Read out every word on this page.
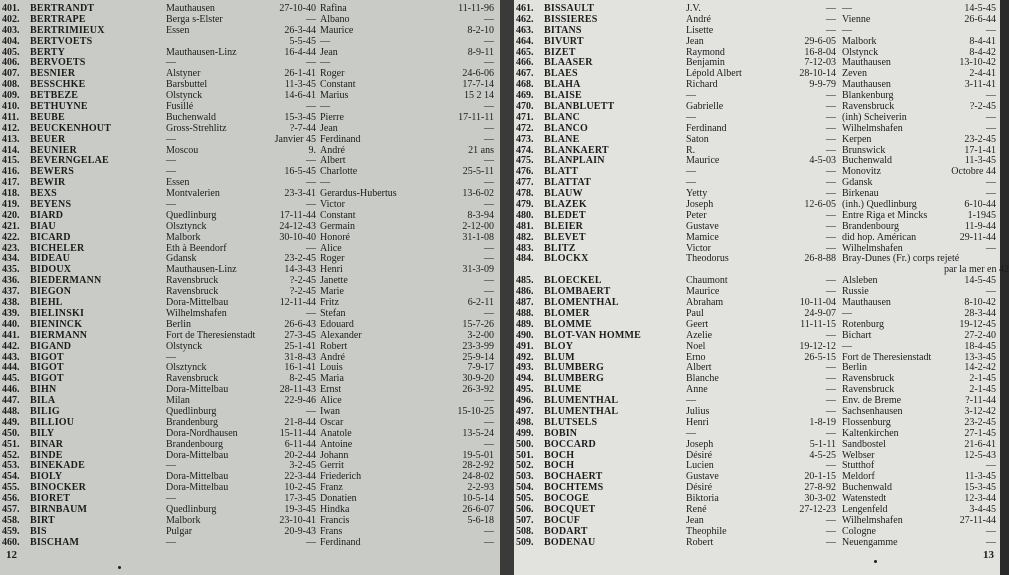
401.	BERTRANDT	Mauthausen	27-10-40 Rafina	11-11-96
402.	BERTRAPE	Berga s-Elster	— Albano	—
403.	BERTRIMIEUX	Essen	26-3-44 Maurice	8-2-10
404.	BERTVOETS	5-5-45 —	—
405.	BERTY	Mauthausen-Linz	16-4-44 Jean	8-9-11
406.	BERVOETS	—	— —	—
407.	BESNIER	Alstyner	26-1-41 Roger	24-6-06
408.	BESSCHKE	Barsbuttel	11-3-45 Constant	17-7-14
409.	BETBEZE	Olstynck	14-6-41 Marius	15 2 14
410.	BETHUYNE	Fusillé	— —	—
411.	BEUBE	Buchenwald	15-3-45 Pierre	17-11-11
412.	BEUCKENHOUT	Gross-Strehlitz	?-7-44 Jean	—
413.	BEUER	—	Janvier 45 Ferdinand	—
414.	BEUNIER	Moscou	9. André	21 ans
415.	BEVERNGELAE	—	— Albert	—
416.	BEWERS	—	16-5-45 Charlotte	25-5-11
417.	BEWIR	Essen	— —	—
418.	BEXS	Montvalerien	23-3-41 Gerardus-Hubertus	13-6-02
419.	BEYENS	—	— Victor	—
420.	BIARD	Quedlinburg	17-11-44 Constant	8-3-94
421.	BIAU	Olsztynck	24-12-43 Germain	2-12-00
422.	BICARD	Malbork	30-10-40 Honoré	31-1-08
423.	BICHELER	Eth à Beendorf	— Alice	—
434.	BIDEAU	Gdansk	23-2-45 Roger	—
435.	BIDOUX	Mauthausen-Linz	14-3-43 Henri	31-3-09
436.	BIEDERMANN	Ravensbruck	?-2-45 Janette	—
437.	BIEGON	Ravensbruck	?-2-45 Marie	—
438.	BIEHL	Dora-Mittelbau	12-11-44 Fritz	6-2-11
439.	BIELINSKI	Wilhelmshafen	— Stefan	—
440.	BIENINCK	Berlin	26-6-43 Edouard	15-7-26
441.	BIERMANN	Fort de Theresienstadt	27-3-45 Alexander	3-2-00
442.	BIGAND	Olstynck	25-1-41 Robert	23-3-99
443.	BIGOT	—	31-8-43 André	25-9-14
444.	BIGOT	Olsztynck	16-1-41 Louis	7-9-17
445.	BIGOT	Ravensbruck	8-2-45 Maria	30-9-20
446.	BIHN	Dora-Mittelbau	28-11-43 Ernst	26-3-92
447.	BILA	Milan	22-9-46 Alice	—
448.	BILIG	Quedlinburg	— Iwan	15-10-25
449.	BILLIOU	Brandenburg	21-8-44 Oscar	—
450.	BILY	Dora-Nordhausen	15-11-44 Anatole	13-5-24
451.	BINAR	Brandenbourg	6-11-44 Antoine	—
452.	BINDE	Dora-Mittelbau	20-2-44 Johann	19-5-01
453.	BINEKADE	—	3-2-45 Gerrit	28-2-92
454.	BIOLY	Dora-Mittelbau	22-3-44 Friederich	24-8-02
455.	BINOCKER	Dora-Mittelbau	10-2-45 Franz	2-2-93
456.	BIORET	—	17-3-45 Donatien	10-5-14
457.	BIRNBAUM	Quedlinburg	19-3-45 Hindka	26-6-07
458.	BIRT	Malbork	23-10-41 Francis	5-6-18
459.	BIS	Pulgar	20-9-43 Frans	—
460.	BISCHAM	—	— Ferdinand	—
12
461.	BISSAULT	J.V.	— —	14-5-45
462.	BISSIERES	André	— Vienne	26-6-44
463.	BITANS	Lisette	— —	—
464.	BIVURT	Jean	29-6-05 Malbork	8-4-41
465.	BIZET	Raymond	16-8-04 Olstynck	8-4-42
466.	BLAASER	Benjamin	7-12-03 Mauthausen	13-10-42
467.	BLAES	Lépold Albert	28-10-14 Zeven	2-4-41
468.	BLAHA	Richard	9-9-79 Mauthausen	3-11-41
469.	BLAISE	—	— Blankenburg	—
470.	BLANBLUETT	Gabrielle	— Ravensbruck	?-2-45
471.	BLANC	—	— (inh) Scheiverin	—
472.	BLANCO	Ferdinand	— Wilhelmshafen	—
473.	BLANE	Saton	— Kerpen	23-2-45
474.	BLANKAERT	R.	— Brunswick	17-1-41
475.	BLANPLAIN	Maurice	4-5-03 Buchenwald	11-3-45
476.	BLATT	—	— Monovitz	Octobre 44
477.	BLATTAT	—	— Gdansk	—
478.	BLAUW	Yetty	— Birkenau	—
479.	BLAZEK	Joseph	12-6-05 (inh.) Quedlinburg	6-10-44
480.	BLEDET	Peter	— Entre Riga et Mincks	1-1945
481.	BLEIER	Gustave	— Brandenbourg	11-9-44
482.	BLEVET	Mamice	— did hop. Américan	29-11-44
483.	BLITZ	Victor	— Wilhelmshafen	—
484.	BLOCKX	Theodorus	26-8-88 Bray-Dunes (Fr.) corps rejeté
par la mer en 42
485.	BLOECKEL	Chaumont	— Alsleben	14-5-45
486.	BLOMBAERT	Maurice	— Russie	—
487.	BLOMENTHAL	Abraham	10-11-04 Mauthausen	8-10-42
488.	BLOMER	Paul	24-9-07 —	28-3-44
489.	BLOMME	Geert	11-11-15 Rotenburg	19-12-45
490.	BLOT-VAN HOMME	Azelie	— Bichart	27-2-40
491.	BLOY	Noel	19-12-12 —	18-4-45
492.	BLUM	Erno	26-5-15 Fort de Theresienstadt	13-3-45
493.	BLUMBERG	Albert	— Berlin	14-2-42
494.	BLUMBERG	Blanche	— Ravensbruck	2-1-45
495.	BLUME	Anne	— Ravensbruck	2-1-45
496.	BLUMENTHAL	—	— Env. de Breme	?-11-44
497.	BLUMENTHAL	Julius	— Sachsenhausen	3-12-42
498.	BLUTSELS	Henri	1-8-19 Flossenburg	23-2-45
499.	BOBIN	—	— Kaltenkirchen	27-1-45
500.	BOCCARD	Joseph	5-1-11 Sandbostel	21-6-41
501.	BOCH	Désiré	4-5-25 Welbser	12-5-43
502.	BOCH	Lucien	— Stutthof	—
503.	BOCHAERT	Gustave	20-1-15 Meldorf	11-3-45
504.	BOCHTEMS	Désiré	27-8-92 Buchenwald	15-3-45
505.	BOCOGE	Biktoria	30-3-02 Watenstedt	12-3-44
506.	BOCQUET	René	27-12-23 Lengenfeld	3-4-45
507.	BOCUF	Jean	— Wilhelmshafen	27-11-44
508.	BODART	Theophile	— Cologne	—
509.	BODENAU	Robert	— Neuengamme	—
13
